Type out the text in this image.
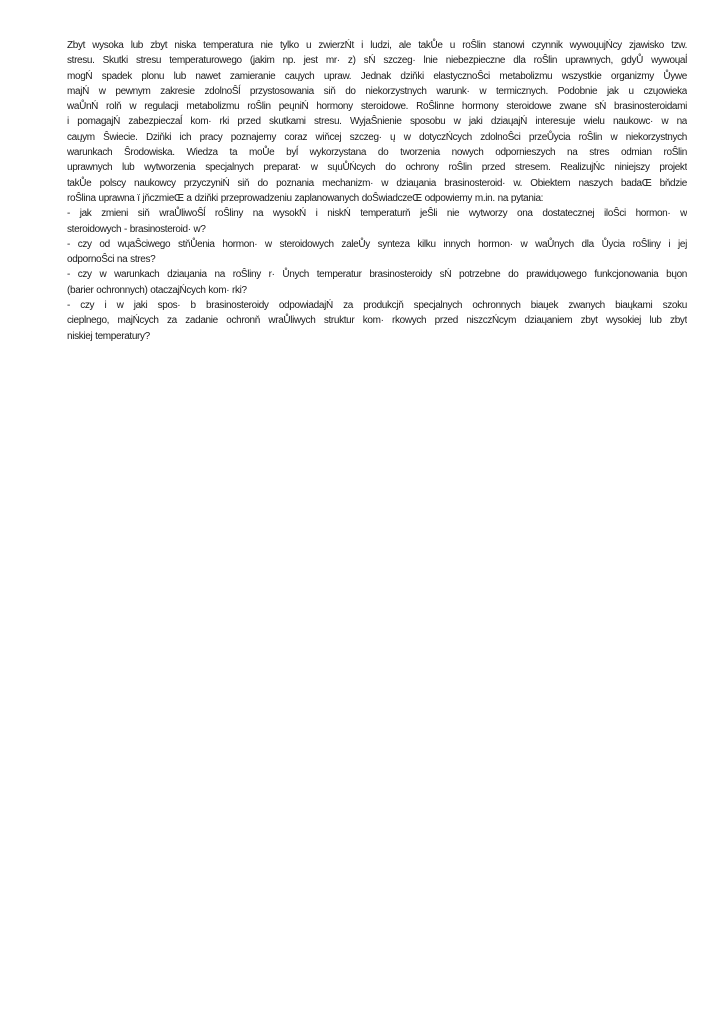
Zbyt wysoka lub zbyt niska temperatura nie tylko u zwierzŃt i ludzi, ale takŮe u roŜlin stanowi czynnik wywoųujŃcy zjawisko tzw.
stresu. Skutki stresu temperaturowego (jakim np. jest mr· z) sŃ szczeg· lnie niebezpieczne dla roŜlin uprawnych, gdyŮ wywoųaĺ
mogŃ spadek plonu lub nawet zamieranie caųych upraw. Jednak dziňki elastycznoŜci metabolizmu wszystkie organizmy Ůywe
majŃ w pewnym zakresie zdolnoŜĺ przystosowania siň do niekorzystnych warunk· w termicznych. Podobnie jak u czųowieka
waŮnŃ rolň w regulacji metabolizmu roŜlin peųniŃ hormony steroidowe. RoŜlinne hormony steroidowe zwane sŃ brasinosteroidami
i pomagajŃ zabezpieczaĺ kom· rki przed skutkami stresu. WyjaŜnienie sposobu w jaki dziaųajŃ interesuje wielu naukowc· w na
caųym Ŝwiecie. Dziňki ich pracy poznajemy coraz wiňcej szczeg· ų w dotyczŃcych zdolnoŜci przeŮycia roŜlin w niekorzystnych
warunkach Ŝrodowiska. Wiedza ta moŮe byĺ wykorzystana do tworzenia nowych odpornieszych na stres odmian roŜlin
uprawnych lub wytworzenia specjalnych preparat· w sųuŮŃcych do ochrony roŜlin przed stresem. RealizujŃc niniejszy projekt
takŮe polscy naukowcy przyczyniŃ siň do poznania mechanizm· w dziaųania brasinosteroid· w. Obiektem naszych badaŒ bňdzie
roŜlina uprawna ï jňczmieŒ a dziňki przeprowadzeniu zaplanowanych doŜwiadczeŒ odpowiemy m.in. na pytania:
- jak zmieni siň wraŮliwoŜĺ roŜliny na wysokŃ i niskŃ temperaturň jeŜli nie wytworzy ona dostatecznej iloŜci hormon· w
steroidowych - brasinosteroid· w?
- czy od wųaŜciwego stňŮenia hormon· w steroidowych zaleŮy synteza kilku innych hormon· w waŮnych dla Ůycia roŜliny i jej
odpornoŜci na stres?
- czy w warunkach dziaųania na roŜliny r· Ůnych temperatur brasinosteroidy sŃ potrzebne do prawidųowego funkcjonowania bųon
(barier ochronnych) otaczajŃcych kom· rki?
- czy i w jaki spos· b brasinosteroidy odpowiadajŃ za produkcjň specjalnych ochronnych biaųek zwanych biaųkami szoku
cieplnego, majŃcych za zadanie ochronň wraŮliwych struktur kom· rkowych przed niszczŃcym dziaųaniem zbyt wysokiej lub zbyt
niskiej temperatury?
